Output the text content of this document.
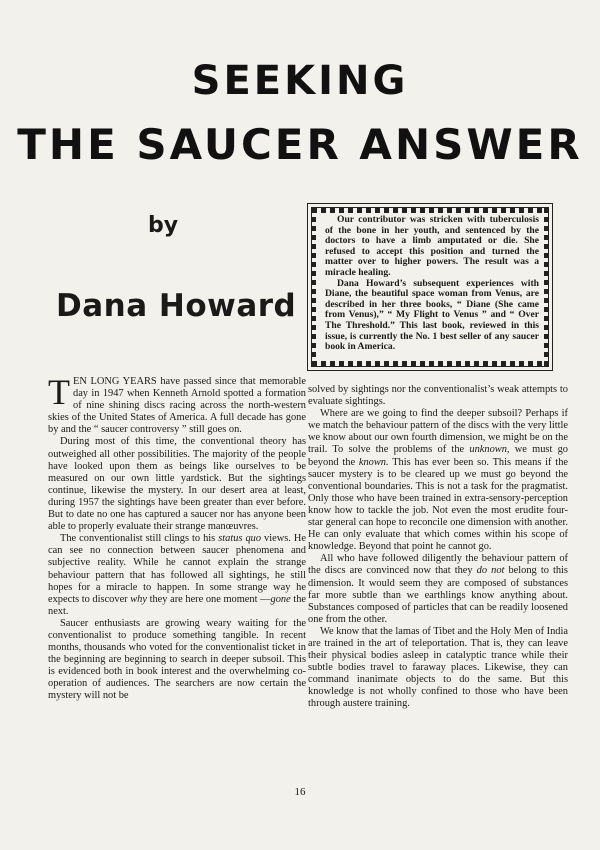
SEEKING
THE SAUCER ANSWER
by
Dana Howard

Our contributor was stricken with tuberculosis of the bone in her youth, and sentenced by the doctors to have a limb amputated or die. She refused to accept this position and turned the matter over to higher powers. The result was a miracle healing.

Dana Howard’s subsequent experiences with Diane, the beautiful space woman from Venus, are described in her three books, “ Diane (She came from Venus),” “ My Flight to Venus ” and “ Over The Threshold.” This last book, reviewed in this issue, is currently the No. 1 best seller of any saucer book in America.

TEN LONG YEARS have passed since that memorable day in 1947 when Kenneth Arnold spotted a formation of nine shining discs racing across the north-western skies of the United States of America. A full decade has gone by and the “ saucer controversy ” still goes on.

During most of this time, the conventional theory has outweighed all other possibilities. The majority of the people have looked upon them as beings like ourselves to be measured on our own little yardstick. But the sightings continue, likewise the mystery. In our desert area at least, during 1957 the sightings have been greater than ever before. But to date no one has captured a saucer nor has anyone been able to properly evaluate their strange manœuvres.

The conventionalist still clings to his status quo views. He can see no connection between saucer phenomena and subjective reality. While he cannot explain the strange behaviour pattern that has followed all sightings, he still hopes for a miracle to happen. In some strange way he expects to discover why they are here one moment —gone the next.

Saucer enthusiasts are growing weary waiting for the conventionalist to produce something tangible. In recent months, thousands who voted for the conventionalist ticket in the beginning are beginning to search in deeper subsoil. This is evidenced both in book interest and the overwhelming co-operation of audiences. The searchers are now certain the mystery will not be

solved by sightings nor the conventionalist’s weak attempts to evaluate sightings.

Where are we going to find the deeper subsoil? Perhaps if we match the behaviour pattern of the discs with the very little we know about our own fourth dimension, we might be on the trail. To solve the problems of the unknown, we must go beyond the known. This has ever been so. This means if the saucer mystery is to be cleared up we must go beyond the conventional boundaries. This is not a task for the pragmatist. Only those who have been trained in extra-sensory-perception know how to tackle the job. Not even the most erudite four-star general can hope to reconcile one dimension with another. He can only evaluate that which comes within his scope of knowledge. Beyond that point he cannot go.

All who have followed diligently the behaviour pattern of the discs are convinced now that they do not belong to this dimension. It would seem they are composed of substances far more subtle than we earthlings know anything about. Substances composed of particles that can be readily loosened one from the other.

We know that the lamas of Tibet and the Holy Men of India are trained in the art of teleportation. That is, they can leave their physical bodies asleep in catalyptic trance while their subtle bodies travel to faraway places. Likewise, they can command inanimate objects to do the same. But this knowledge is not wholly confined to those who have been through austere training.

16
